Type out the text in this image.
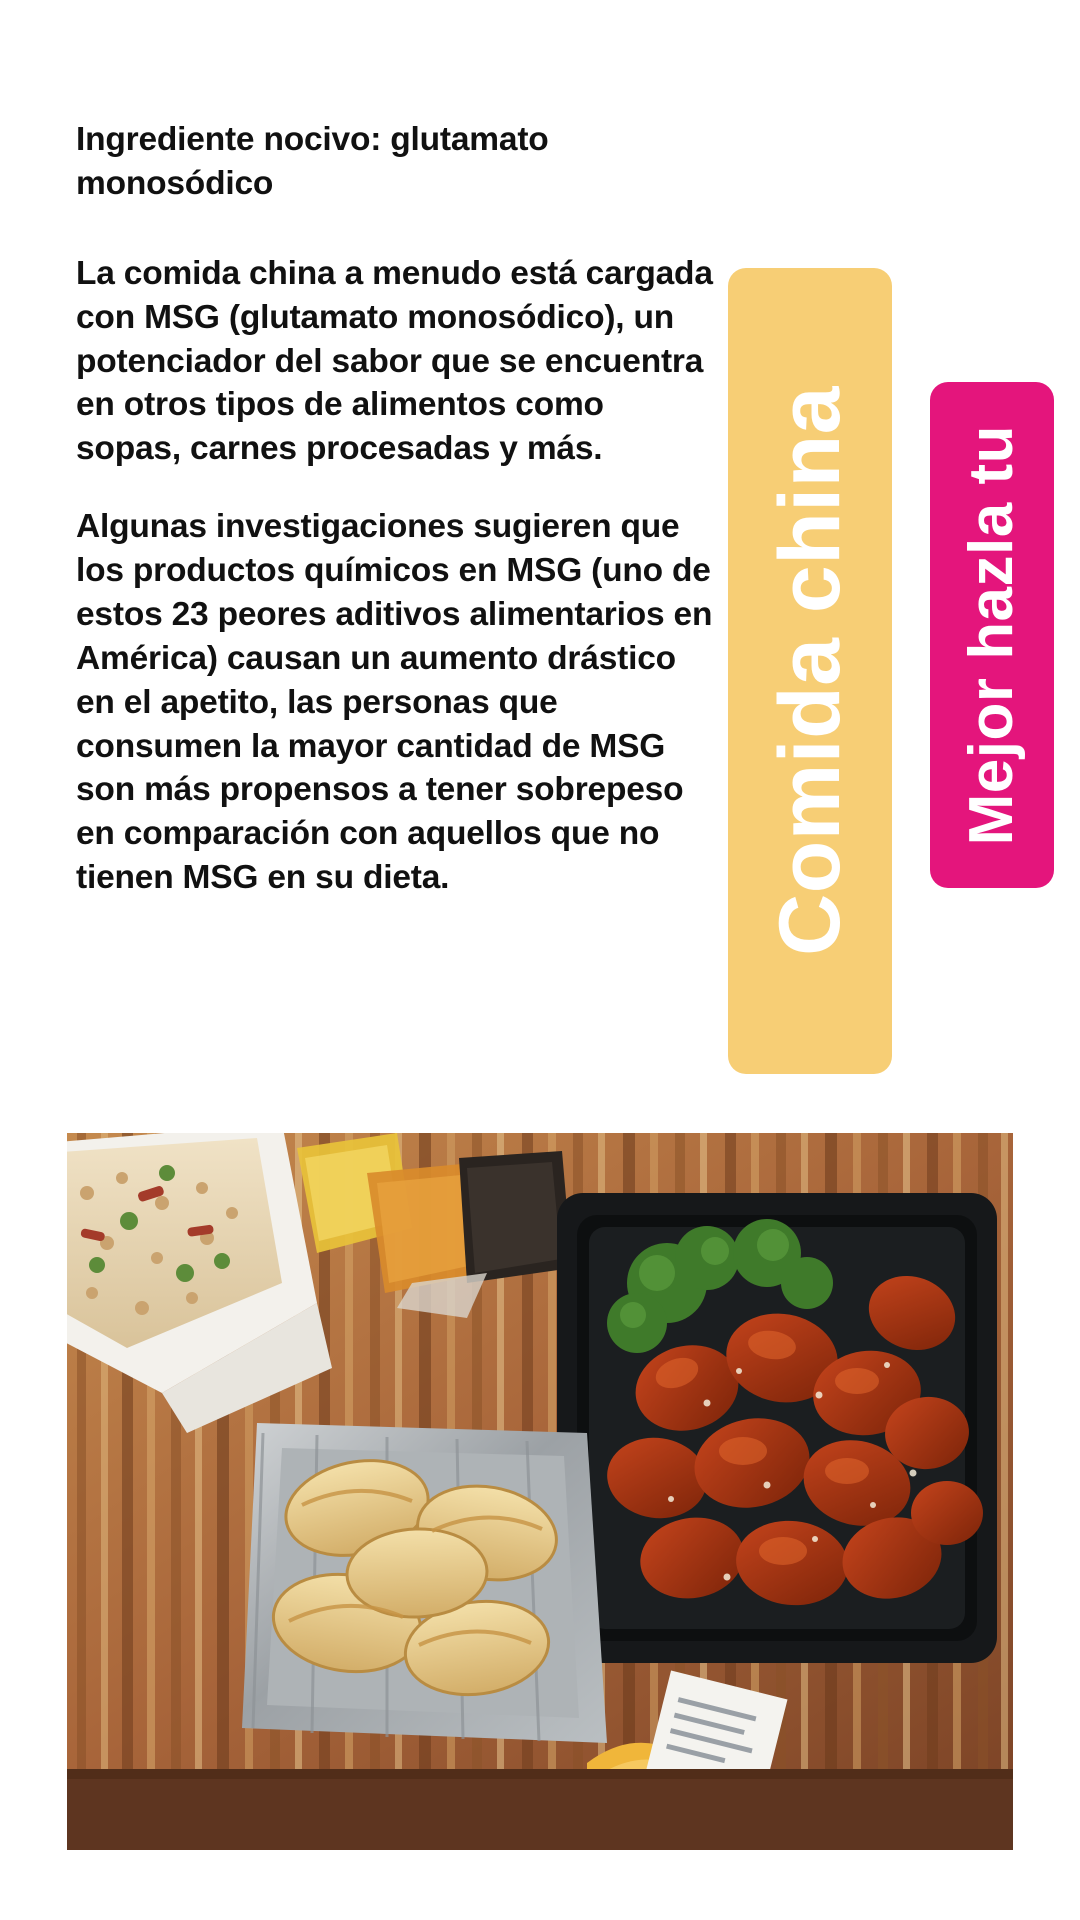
Ingrediente nocivo: glutamato monosódico

La comida china a menudo está cargada con MSG (glutamato monosódico), un potenciador del sabor que se encuentra en otros tipos de alimentos como sopas, carnes procesadas y más.

Algunas investigaciones sugieren que los productos químicos en MSG (uno de estos 23 peores aditivos alimentarios en América) causan un aumento drástico en el apetito, las personas que consumen la mayor cantidad de MSG son más propensos a tener sobrepeso en comparación con aquellos que no tienen MSG en su dieta.	Comida china Mejor hazla tu
